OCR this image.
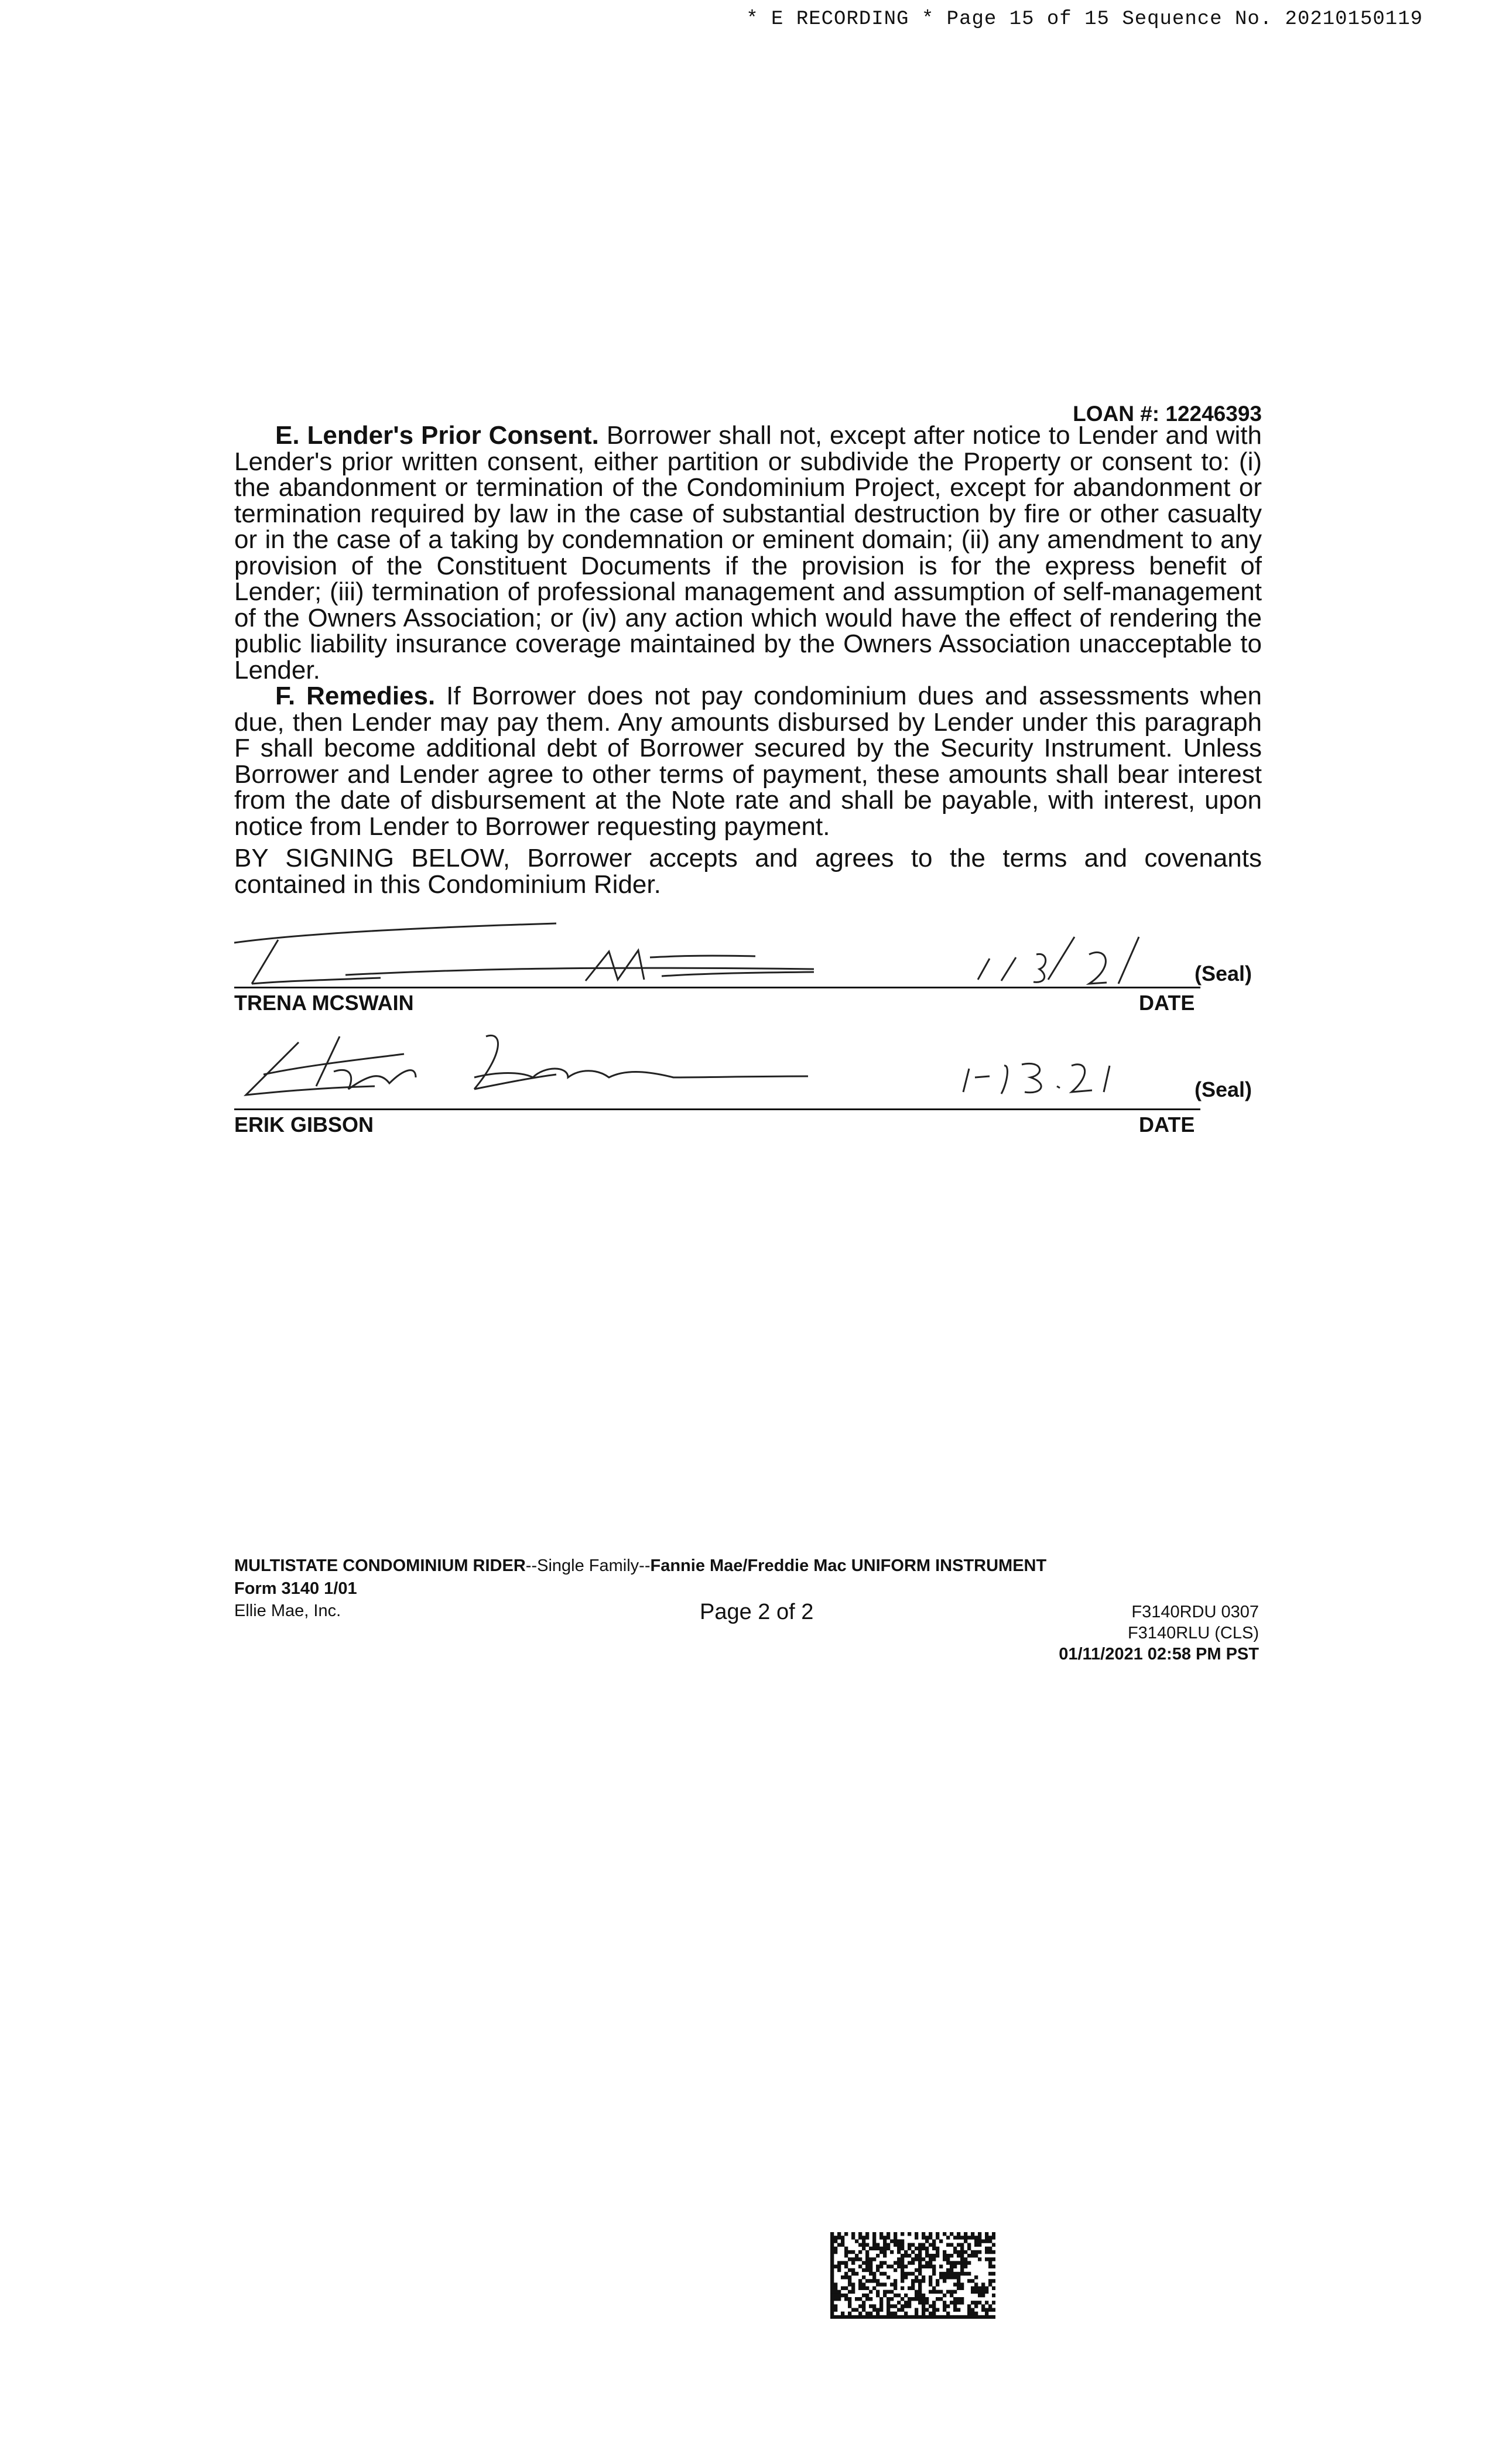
* E RECORDING * Page 15 of 15 Sequence No. 20210150119
LOAN #: 12246393

E. Lender's Prior Consent. Borrower shall not, except after notice to Lender and with Lender's prior written consent, either partition or subdivide the Property or consent to: (i) the abandonment or termination of the Condominium Project, except for abandonment or termination required by law in the case of substantial destruction by fire or other casualty or in the case of a taking by condemnation or eminent domain; (ii) any amendment to any provision of the Constituent Documents if the provision is for the express benefit of Lender; (iii) termination of professional management and assumption of self-management of the Owners Association; or (iv) any action which would have the effect of rendering the public liability insurance coverage maintained by the Owners Association unacceptable to Lender.

F. Remedies. If Borrower does not pay condominium dues and assessments when due, then Lender may pay them. Any amounts disbursed by Lender under this paragraph F shall become additional debt of Borrower secured by the Security Instrument. Unless Borrower and Lender agree to other terms of payment, these amounts shall bear interest from the date of disbursement at the Note rate and shall be payable, with interest, upon notice from Lender to Borrower requesting payment.

BY SIGNING BELOW, Borrower accepts and agrees to the terms and covenants contained in this Condominium Rider.
TRENA MCSWAIN	DATE
(Seal)
ERIK GIBSON	DATE
(Seal)
MULTISTATE CONDOMINIUM RIDER--Single Family--Fannie Mae/Freddie Mac UNIFORM INSTRUMENT
Form 3140 1/01
Ellie Mae, Inc.	Page 2 of 2	F3140RDU 0307
F3140RLU (CLS)
01/11/2021 02:58 PM PST
